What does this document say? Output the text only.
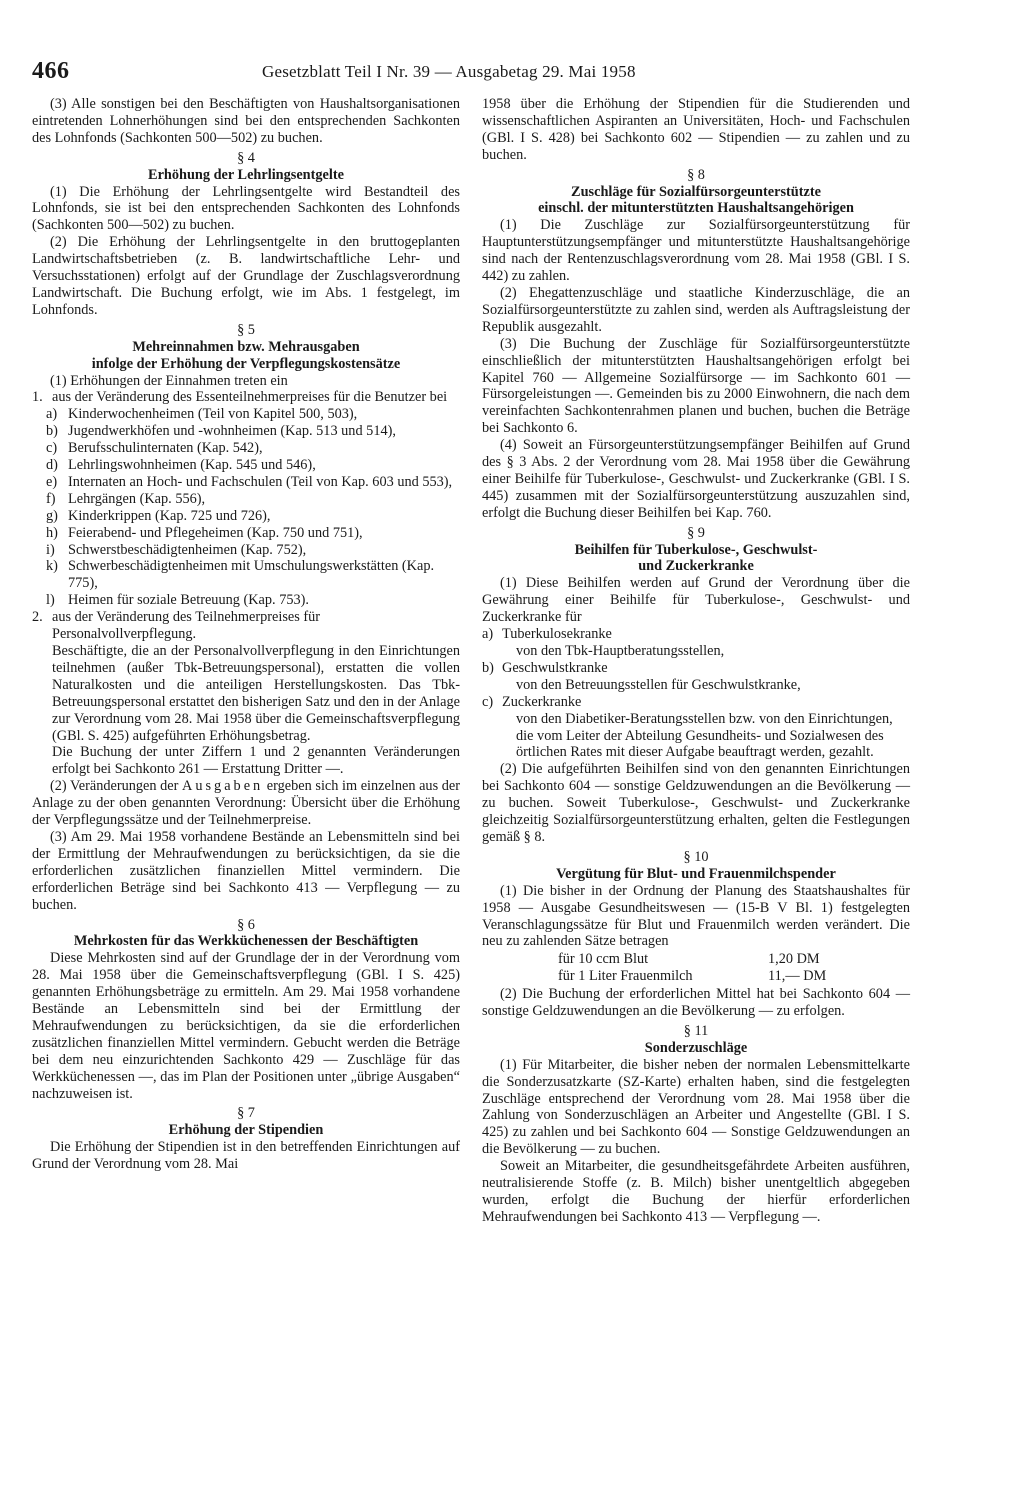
466	Gesetzblatt Teil I Nr. 39 — Ausgabetag 29. Mai 1958

(3) Alle sonstigen bei den Beschäftigten von Haushaltsorganisationen eintretenden Lohnerhöhungen sind bei den entsprechenden Sachkonten des Lohnfonds (Sachkonten 500—502) zu buchen.

§ 4

Erhöhung der Lehrlingsentgelte

(1) Die Erhöhung der Lehrlingsentgelte wird Bestandteil des Lohnfonds, sie ist bei den entsprechenden Sachkonten des Lohnfonds (Sachkonten 500—502) zu buchen.

(2) Die Erhöhung der Lehrlingsentgelte in den bruttogeplanten Landwirtschaftsbetrieben (z. B. landwirtschaftliche Lehr- und Versuchsstationen) erfolgt auf der Grundlage der Zuschlagsverordnung Landwirtschaft. Die Buchung erfolgt, wie im Abs. 1 festgelegt, im Lohnfonds.

§ 5

Mehreinnahmen bzw. Mehrausgaben

infolge der Erhöhung der Verpflegungskostensätze

(1) Erhöhungen der Einnahmen treten ein

1. aus der Veränderung des Essenteilnehmerpreises für die Benutzer bei
a) Kinderwochenheimen (Teil von Kapitel 500, 503),
b) Jugendwerkhöfen und -wohnheimen (Kap. 513 und 514),
c) Berufsschulinternaten (Kap. 542),
d) Lehrlingswohnheimen (Kap. 545 und 546),
e) Internaten an Hoch- und Fachschulen (Teil von Kap. 603 und 553),
f) Lehrgängen (Kap. 556),
g) Kinderkrippen (Kap. 725 und 726),
h) Feierabend- und Pflegeheimen (Kap. 750 und 751),
i) Schwerstbeschädigtenheimen (Kap. 752),
k) Schwerbeschädigtenheimen mit Umschulungswerkstätten (Kap. 775),
l) Heimen für soziale Betreuung (Kap. 753).
2. aus der Veränderung des Teilnehmerpreises für Personalvollverpflegung.

Beschäftigte, die an der Personalvollverpflegung in den Einrichtungen teilnehmen (außer Tbk-Betreuungspersonal), erstatten die vollen Naturalkosten und die anteiligen Herstellungskosten. Das Tbk-Betreuungspersonal erstattet den bisherigen Satz und den in der Anlage zur Verordnung vom 28. Mai 1958 über die Gemeinschaftsverpflegung (GBl. S. 425) aufgeführten Erhöhungsbetrag.

Die Buchung der unter Ziffern 1 und 2 genannten Veränderungen erfolgt bei Sachkonto 261 — Erstattung Dritter —.

(2) Veränderungen der Ausgaben ergeben sich im einzelnen aus der Anlage zu der oben genannten Verordnung: Übersicht über die Erhöhung der Verpflegungssätze und der Teilnehmerpreise.

(3) Am 29. Mai 1958 vorhandene Bestände an Lebensmitteln sind bei der Ermittlung der Mehraufwendungen zu berücksichtigen, da sie die erforderlichen zusätzlichen finanziellen Mittel vermindern. Die erforderlichen Beträge sind bei Sachkonto 413 — Verpflegung — zu buchen.

§ 6

Mehrkosten für das Werkküchenessen der Beschäftigten

Diese Mehrkosten sind auf der Grundlage der in der Verordnung vom 28. Mai 1958 über die Gemeinschaftsverpflegung (GBl. I S. 425) genannten Erhöhungsbeträge zu ermitteln. Am 29. Mai 1958 vorhandene Bestände an Lebensmitteln sind bei der Ermittlung der Mehraufwendungen zu berücksichtigen, da sie die erforderlichen zusätzlichen finanziellen Mittel vermindern. Gebucht werden die Beträge bei dem neu einzurichtenden Sachkonto 429 — Zuschläge für das Werkküchenessen —, das im Plan der Positionen unter „übrige Ausgaben“ nachzuweisen ist.

§ 7

Erhöhung der Stipendien

Die Erhöhung der Stipendien ist in den betreffenden Einrichtungen auf Grund der Verordnung vom 28. Mai

1958 über die Erhöhung der Stipendien für die Studierenden und wissenschaftlichen Aspiranten an Universitäten, Hoch- und Fachschulen (GBl. I S. 428) bei Sachkonto 602 — Stipendien — zu zahlen und zu buchen.

§ 8

Zuschläge für Sozialfürsorgeunterstützte

einschl. der mitunterstützten Haushaltsangehörigen

(1) Die Zuschläge zur Sozialfürsorgeunterstützung für Hauptunterstützungsempfänger und mitunterstützte Haushaltsangehörige sind nach der Rentenzuschlagsverordnung vom 28. Mai 1958 (GBl. I S. 442) zu zahlen.

(2) Ehegattenzuschläge und staatliche Kinderzuschläge, die an Sozialfürsorgeunterstützte zu zahlen sind, werden als Auftragsleistung der Republik ausgezahlt.

(3) Die Buchung der Zuschläge für Sozialfürsorgeunterstützte einschließlich der mitunterstützten Haushaltsangehörigen erfolgt bei Kapitel 760 — Allgemeine Sozialfürsorge — im Sachkonto 601 — Fürsorgeleistungen —. Gemeinden bis zu 2000 Einwohnern, die nach dem vereinfachten Sachkontenrahmen planen und buchen, buchen die Beträge bei Sachkonto 6.

(4) Soweit an Fürsorgeunterstützungsempfänger Beihilfen auf Grund des § 3 Abs. 2 der Verordnung vom 28. Mai 1958 über die Gewährung einer Beihilfe für Tuberkulose-, Geschwulst- und Zuckerkranke (GBl. I S. 445) zusammen mit der Sozialfürsorgeunterstützung auszuzahlen sind, erfolgt die Buchung dieser Beihilfen bei Kap. 760.

§ 9

Beihilfen für Tuberkulose-, Geschwulst-

und Zuckerkranke

(1) Diese Beihilfen werden auf Grund der Verordnung über die Gewährung einer Beihilfe für Tuberkulose-, Geschwulst- und Zuckerkranke für

a) Tuberkulosekranke

von den Tbk-Hauptberatungsstellen,

b) Geschwulstkranke

von den Betreuungsstellen für Geschwulstkranke,

c) Zuckerkranke

von den Diabetiker-Beratungsstellen bzw. von den Einrichtungen, die vom Leiter der Abteilung Gesundheits- und Sozialwesen des örtlichen Rates mit dieser Aufgabe beauftragt werden, gezahlt.

(2) Die aufgeführten Beihilfen sind von den genannten Einrichtungen bei Sachkonto 604 — sonstige Geldzuwendungen an die Bevölkerung — zu buchen. Soweit Tuberkulose-, Geschwulst- und Zuckerkranke gleichzeitig Sozialfürsorgeunterstützung erhalten, gelten die Festlegungen gemäß § 8.

§ 10

Vergütung für Blut- und Frauenmilchspender

(1) Die bisher in der Ordnung der Planung des Staatshaushaltes für 1958 — Ausgabe Gesundheitswesen — (15-B V Bl. 1) festgelegten Veranschlagungssätze für Blut und Frauenmilch werden verändert. Die neu zu zahlenden Sätze betragen

für 10 ccm Blut	1,20 DM
für 1 Liter Frauenmilch	11,— DM

(2) Die Buchung der erforderlichen Mittel hat bei Sachkonto 604 — sonstige Geldzuwendungen an die Bevölkerung — zu erfolgen.

§ 11

Sonderzuschläge

(1) Für Mitarbeiter, die bisher neben der normalen Lebensmittelkarte die Sonderzusatzkarte (SZ-Karte) erhalten haben, sind die festgelegten Zuschläge entsprechend der Verordnung vom 28. Mai 1958 über die Zahlung von Sonderzuschlägen an Arbeiter und Angestellte (GBl. I S. 425) zu zahlen und bei Sachkonto 604 — Sonstige Geldzuwendungen an die Bevölkerung — zu buchen.

Soweit an Mitarbeiter, die gesundheitsgefährdete Arbeiten ausführen, neutralisierende Stoffe (z. B. Milch) bisher unentgeltlich abgegeben wurden, erfolgt die Buchung der hierfür erforderlichen Mehraufwendungen bei Sachkonto 413 — Verpflegung —.
